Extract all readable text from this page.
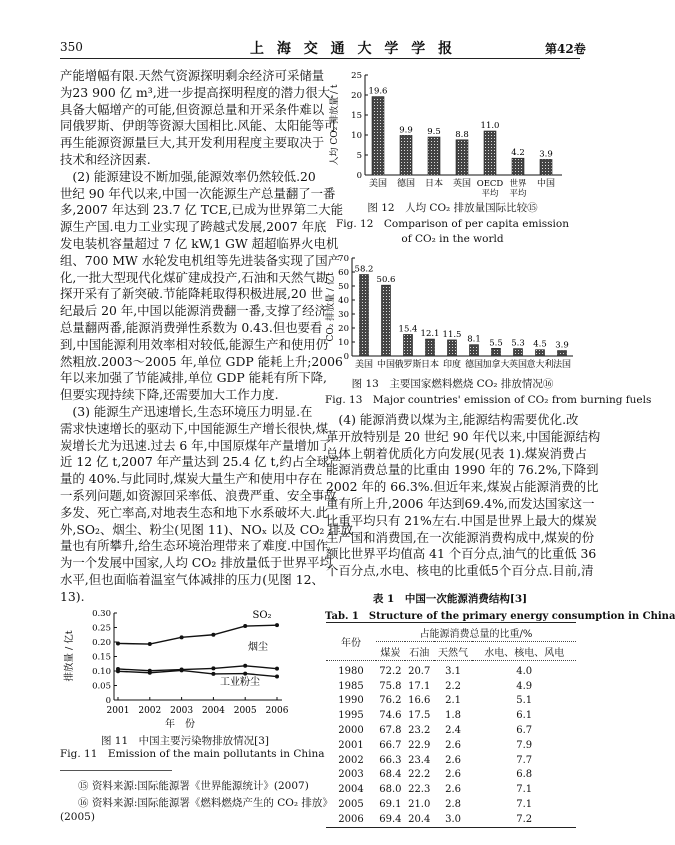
350	上 海 交 通 大 学 学 报	第42卷
产能增幅有限.天然气资源探明剩余经济可采储量
为23 900 亿 m³,进一步提高探明程度的潜力很大,
具备大幅增产的可能,但资源总量和开采条件难以
同俄罗斯、伊朗等资源大国相比.风能、太阳能等可
再生能源资源量巨大,其开发利用程度主要取决于
技术和经济因素.
　(2) 能源建设不断加强,能源效率仍然较低.20
世纪 90 年代以来,中国一次能源生产总量翻了一番
多,2007 年达到 23.7 亿 TCE,已成为世界第二大能
源生产国.电力工业实现了跨越式发展,2007 年底
发电装机容量超过 7 亿 kW,1 GW 超超临界火电机
组、700 MW 水轮发电机组等先进装备实现了国产
化,一批大型现代化煤矿建成投产,石油和天然气勘
探开采有了新突破.节能降耗取得积极进展,20 世
纪最后 20 年,中国以能源消费翻一番,支撑了经济
总量翻两番,能源消费弹性系数为 0.43.但也要看
到,中国能源利用效率相对较低,能源生产和使用仍
然粗放.2003～2005 年,单位 GDP 能耗上升;2006
年以来加强了节能减排,单位 GDP 能耗有所下降,
但要实现持续下降,还需要加大工作力度.
　(3) 能源生产迅速增长,生态环境压力明显.在
需求快速增长的驱动下,中国能源生产增长很快,煤
炭增长尤为迅速.过去 6 年,中国原煤年产量增加了
近 12 亿 t,2007 年产量达到 25.4 亿 t,约占全球产
量的 40%.与此同时,煤炭大量生产和使用中存在
一系列问题,如资源回采率低、浪费严重、安全事故
多发、死亡率高,对地表生态和地下水系破坏大.此
外,SO₂、烟尘、粉尘(见图 11)、NOₓ 以及 CO₂ 排放
量也有所攀升,给生态环境治理带来了难度.中国作
为一个发展中国家,人均 CO₂ 排放量低于世界平均
水平,但也面临着温室气体减排的压力(见图 12、
13).
　(4) 能源消费以煤为主,能源结构需要优化.改
革开放特别是 20 世纪 90 年代以来,中国能源结构
总体上朝着优质化方向发展(见表 1).煤炭消费占
能源消费总量的比重由 1990 年的 76.2%,下降到
2002 年的 66.3%.但近年来,煤炭占能源消费的比
重有所上升,2006 年达到69.4%,而发达国家这一
比重平均只有 21%左右.中国是世界上最大的煤炭
生产国和消费国,在一次能源消费构成中,煤炭的份
额比世界平均值高 41 个百分点,油气的比重低 36
个百分点,水电、核电的比重低5个百分点.目前,清
0
0.05
0.10
0.15
0.20
0.25
0.30
2001 2002 2003 2004 2005 2006
年　份
排放量 / 亿t
SO₂
烟尘
工业粉尘
图 11　中国主要污染物排放情况[3]
Fig. 11　Emission of the main pollutants in China
⑮ 资料来源:国际能源署《世界能源统计》(2007)
⑯ 资料来源:国际能源署《燃料燃烧产生的 CO₂ 排放》
(2005)
0
5
10
15
20
25
19.6
美国
9.9
德国
9.5
日本
8.8
英国
11.0
OECD
平均
4.2
世界
平均
3.9
中国
人均 CO₂ 排放量 / t
图 12　人均 CO₂ 排放量国际比较⑮
Fig. 12　Comparison of per capita emission
of CO₂ in the world
0
10
20
30
40
50
60
70
58.2
美国
50.6
中国
15.4
俄罗斯
12.1
日本
11.5
印度
8.1
德国
5.5
加拿大
5.3
英国
4.5
意大利
3.9
法国
CO₂ 排放量 / 亿t
图 13　主要国家燃料燃烧 CO₂ 排放情况⑯
Fig. 13　Major countries' emission of CO₂ from burning fuels
表 1　中国一次能源消费结构[3]
Tab. 1　Structure of the primary energy consumption in China
年份	占能源消费总量的比重/%			
	煤炭	石油	天然气	水电、核电、风电
1980	72.2	20.7	3.1	4.0
1985	75.8	17.1	2.2	4.9
1990	76.2	16.6	2.1	5.1
1995	74.6	17.5	1.8	6.1
2000	67.8	23.2	2.4	6.7
2001	66.7	22.9	2.6	7.9
2002	66.3	23.4	2.6	7.7
2003	68.4	22.2	2.6	6.8
2004	68.0	22.3	2.6	7.1
2005	69.1	21.0	2.8	7.1
2006	69.4	20.4	3.0	7.2
